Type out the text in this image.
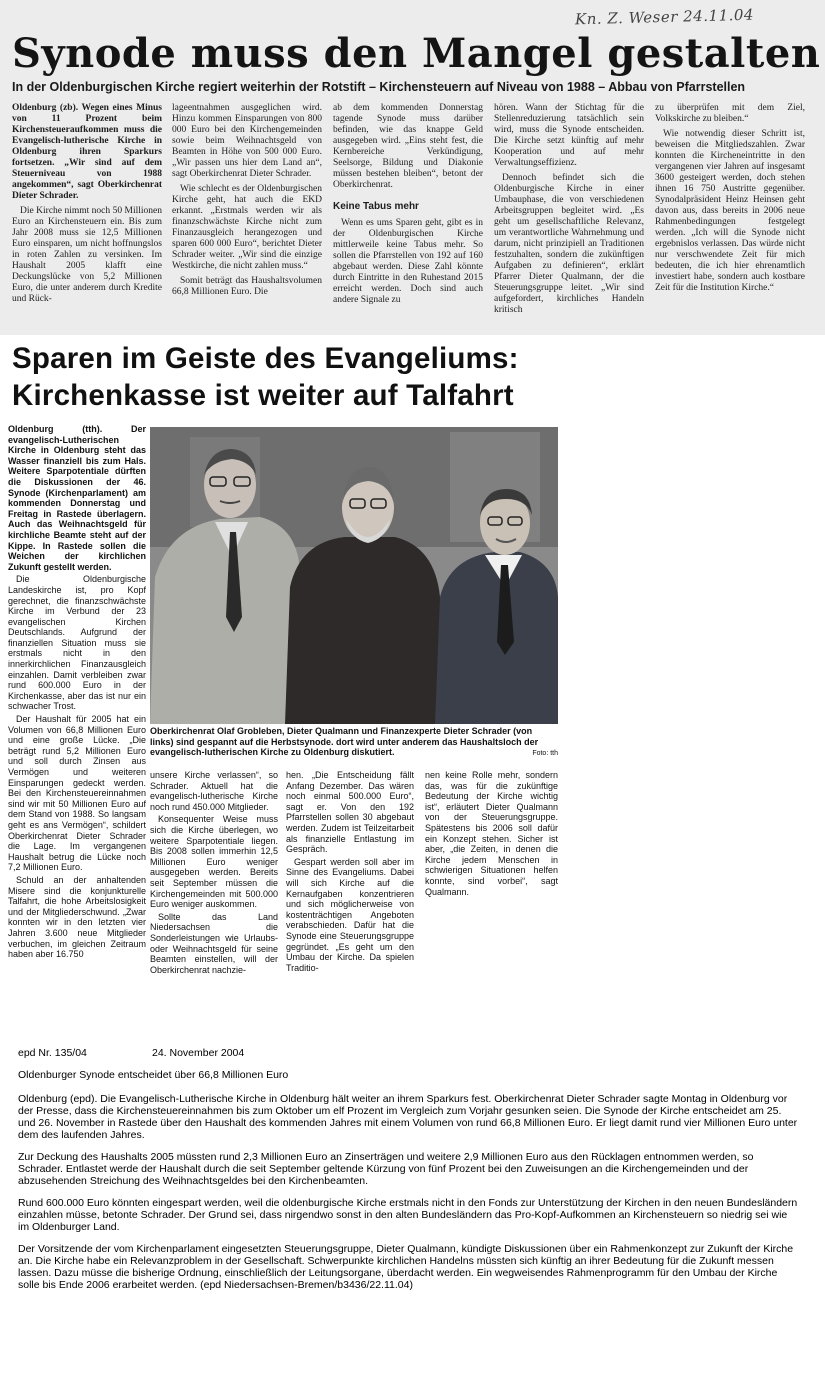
Kn. Z. Weser 24.11.04
Synode muss den Mangel gestalten
In der Oldenburgischen Kirche regiert weiterhin der Rotstift – Kirchensteuern auf Niveau von 1988 – Abbau von Pfarrstellen

Oldenburg (zb). Wegen eines Minus von 11 Prozent beim Kirchensteueraufkommen muss die Evangelisch-lutherische Kirche in Oldenburg ihren Sparkurs fortsetzen. „Wir sind auf dem Steuerniveau von 1988 angekommen“, sagt Oberkirchenrat Dieter Schrader.

Die Kirche nimmt noch 50 Millionen Euro an Kirchensteuern ein. Bis zum Jahr 2008 muss sie 12,5 Millionen Euro einsparen, um nicht hoffnungslos in roten Zahlen zu versinken. Im Haushalt 2005 klafft eine Deckungslücke von 5,2 Millionen Euro, die unter anderem durch Kredite und Rück-

lageentnahmen ausgeglichen wird. Hinzu kommen Einsparungen von 800 000 Euro bei den Kirchengemeinden sowie beim Weihnachtsgeld von Beamten in Höhe von 500 000 Euro. „Wir passen uns hier dem Land an“, sagt Oberkirchenrat Dieter Schrader.

Wie schlecht es der Oldenburgischen Kirche geht, hat auch die EKD erkannt. „Erstmals werden wir als finanzschwächste Kirche nicht zum Finanzausgleich herangezogen und sparen 600 000 Euro“, berichtet Dieter Schrader weiter. „Wir sind die einzige Westkirche, die nicht zahlen muss.“

Somit beträgt das Haushaltsvolumen 66,8 Millionen Euro. Die

ab dem kommenden Donnerstag tagende Synode muss darüber befinden, wie das knappe Geld ausgegeben wird. „Eins steht fest, die Kernbereiche Verkündigung, Seelsorge, Bildung und Diakonie müssen bestehen bleiben“, betont der Oberkirchenrat.

Keine Tabus mehr

Wenn es ums Sparen geht, gibt es in der Oldenburgischen Kirche mittlerweile keine Tabus mehr. So sollen die Pfarrstellen von 192 auf 160 abgebaut werden. Diese Zahl könnte durch Eintritte in den Ruhestand 2015 erreicht werden. Doch sind auch andere Signale zu

hören. Wann der Stichtag für die Stellenreduzierung tatsächlich sein wird, muss die Synode entscheiden. Die Kirche setzt künftig auf mehr Kooperation und auf mehr Verwaltungseffizienz.

Dennoch befindet sich die Oldenburgische Kirche in einer Umbauphase, die von verschiedenen Arbeitsgruppen begleitet wird. „Es geht um gesellschaftliche Relevanz, um verantwortliche Wahrnehmung und darum, nicht prinzipiell an Traditionen festzuhalten, sondern die zukünftigen Aufgaben zu definieren“, erklärt Pfarrer Dieter Qualmann, der die Steuerungsgruppe leitet. „Wir sind aufgefordert, kirchliches Handeln kritisch

zu überprüfen mit dem Ziel, Volkskirche zu bleiben.“

Wie notwendig dieser Schritt ist, beweisen die Mitgliedszahlen. Zwar konnten die Kircheneintritte in den vergangenen vier Jahren auf insgesamt 3600 gesteigert werden, doch stehen ihnen 16 750 Austritte gegenüber. Synodalpräsident Heinz Heinsen geht davon aus, dass bereits in 2006 neue Rahmenbedingungen festgelegt werden. „Ich will die Synode nicht ergebnislos verlassen. Das würde nicht nur verschwendete Zeit für mich bedeuten, die ich hier ehrenamtlich investiert habe, sondern auch kostbare Zeit für die Institution Kirche.“

Sparen im Geiste des Evangeliums:
Kirchenkasse ist weiter auf Talfahrt

Oldenburg (tth). Der evangelisch-Lutherischen Kirche in Oldenburg steht das Wasser finanziell bis zum Hals. Weitere Sparpotentiale dürften die Diskussionen der 46. Synode (Kirchenparlament) am kommenden Donnerstag und Freitag in Rastede überlagern. Auch das Weihnachtsgeld für kirchliche Beamte steht auf der Kippe. In Rastede sollen die Weichen der kirchlichen Zukunft gestellt werden.

Die Oldenburgische Landeskirche ist, pro Kopf gerechnet, die finanzschwächste Kirche im Verbund der 23 evangelischen Kirchen Deutschlands. Aufgrund der finanziellen Situation muss sie erstmals nicht in den innerkirchlichen Finanzausgleich einzahlen. Damit verbleiben zwar rund 600.000 Euro in der Kirchenkasse, aber das ist nur ein schwacher Trost.

Der Haushalt für 2005 hat ein Volumen von 66,8 Millionen Euro und eine große Lücke. „Die beträgt rund 5,2 Millionen Euro und soll durch Zinsen aus Vermögen und weiteren Einsparungen gedeckt werden. Bei den Kirchensteuereinnahmen sind wir mit 50 Millionen Euro auf dem Stand von 1988. So langsam geht es ans Vermögen“, schildert Oberkirchenrat Dieter Schrader die Lage. Im vergangenen Haushalt betrug die Lücke noch 7,2 Millionen Euro.

Schuld an der anhaltenden Misere sind die konjunkturelle Talfahrt, die hohe Arbeitslosigkeit und der Mitgliederschwund. „Zwar konnten wir in den letzten vier Jahren 3.600 neue Mitglieder verbuchen, im gleichen Zeitraum haben aber 16.750

Oberkirchenrat Olaf Grobleben, Dieter Qualmann und Finanzexperte Dieter Schrader (von links) sind gespannt auf die Herbstsynode. dort wird unter anderem das Haushaltsloch der evangelisch-lutherischen Kirche zu Oldenburg diskutiert.	Foto: tth

unsere Kirche verlassen“, so Schrader. Aktuell hat die evangelisch-lutherische Kirche noch rund 450.000 Mitglieder.

Konsequenter Weise muss sich die Kirche überlegen, wo weitere Sparpotentiale liegen. Bis 2008 sollen immerhin 12,5 Millionen Euro weniger ausgegeben werden. Bereits seit September müssen die Kirchengemeinden mit 500.000 Euro weniger auskommen.

Sollte das Land Niedersachsen die Sonderleistungen wie Urlaubs- oder Weihnachtsgeld für seine Beamten einstellen, will der Oberkirchenrat nachzie-

hen. „Die Entscheidung fällt Anfang Dezember. Das wären noch einmal 500.000 Euro“, sagt er. Von den 192 Pfarrstellen sollen 30 abgebaut werden. Zudem ist Teilzeitarbeit als finanzielle Entlastung im Gespräch.

Gespart werden soll aber im Sinne des Evangeliums. Dabei will sich Kirche auf die Kernaufgaben konzentrieren und sich möglicherweise von kostenträchtigen Angeboten verabschieden. Dafür hat die Synode eine Steuerungsgruppe gegründet. „Es geht um den Umbau der Kirche. Da spielen Traditio-

nen keine Rolle mehr, sondern das, was für die zukünftige Bedeutung der Kirche wichtig ist“, erläutert Dieter Qualmann von der Steuerungsgruppe. Spätestens bis 2006 soll dafür ein Konzept stehen. Sicher ist aber, „die Zeiten, in denen die Kirche jedem Menschen in schwierigen Situationen helfen konnte, sind vorbei“, sagt Qualmann.

epd Nr. 135/04	24. November 2004
Oldenburger Synode entscheidet über 66,8 Millionen Euro

Oldenburg (epd). Die Evangelisch-Lutherische Kirche in Oldenburg hält weiter an ihrem Sparkurs fest. Oberkirchenrat Dieter Schrader sagte Montag in Oldenburg vor der Presse, dass die Kirchensteuereinnahmen bis zum Oktober um elf Prozent im Vergleich zum Vorjahr gesunken seien. Die Synode der Kirche entscheidet am 25. und 26. November in Rastede über den Haushalt des kommenden Jahres mit einem Volumen von rund 66,8 Millionen Euro. Er liegt damit rund vier Millionen Euro unter dem des laufenden Jahres.

Zur Deckung des Haushalts 2005 müssten rund 2,3 Millionen Euro an Zinserträgen und weitere 2,9 Millionen Euro aus den Rücklagen entnommen werden, so Schrader. Entlastet werde der Haushalt durch die seit September geltende Kürzung von fünf Prozent bei den Zuweisungen an die Kirchengemeinden und der abzusehenden Streichung des Weihnachtsgeldes bei den Kirchenbeamten.

Rund 600.000 Euro könnten eingespart werden, weil die oldenburgische Kirche erstmals nicht in den Fonds zur Unterstützung der Kirchen in den neuen Bundesländern einzahlen müsse, betonte Schrader. Der Grund sei, dass nirgendwo sonst in den alten Bundesländern das Pro-Kopf-Aufkommen an Kirchensteuern so niedrig sei wie im Oldenburger Land.

Der Vorsitzende der vom Kirchenparlament eingesetzten Steuerungsgruppe, Dieter Qualmann, kündigte Diskussionen über ein Rahmenkonzept zur Zukunft der Kirche an. Die Kirche habe ein Relevanzproblem in der Gesellschaft. Schwerpunkte kirchlichen Handelns müssten sich künftig an ihrer Bedeutung für die Zukunft messen lassen. Dazu müsse die bisherige Ordnung, einschließlich der Leitungsorgane, überdacht werden. Ein wegweisendes Rahmenprogramm für den Umbau der Kirche solle bis Ende 2006 erarbeitet werden. (epd Niedersachsen-Bremen/b3436/22.11.04)
